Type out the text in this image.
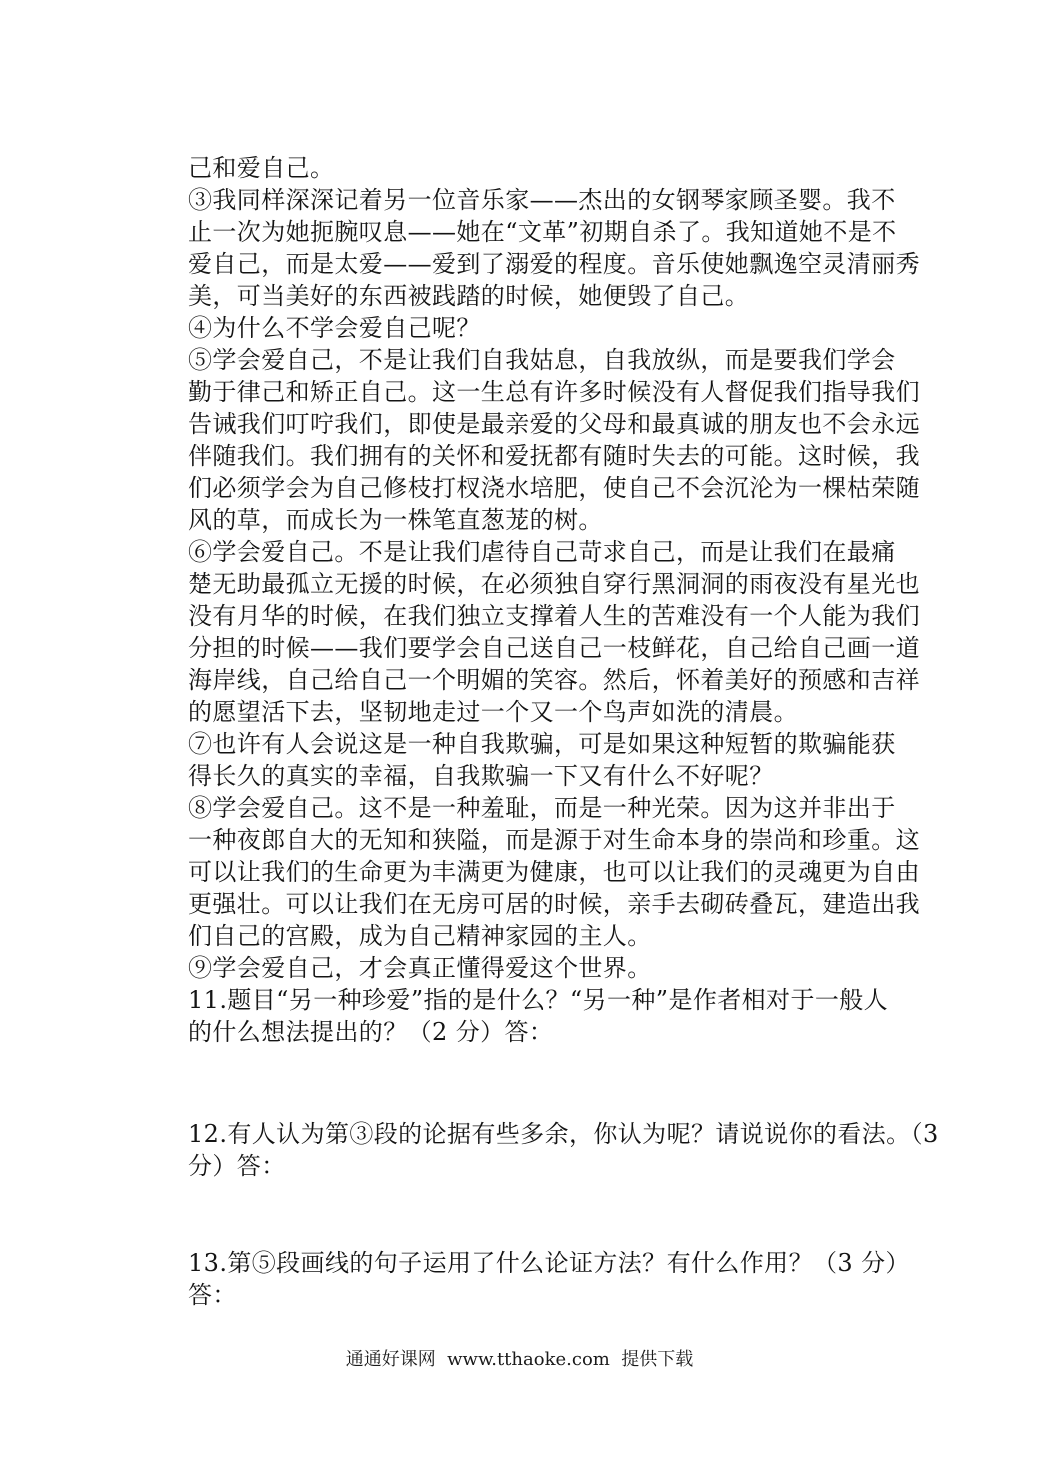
己和爱自己。
③我同样深深记着另一位音乐家——杰出的女钢琴家顾圣婴。我不
止一次为她扼腕叹息——她在“文革”初期自杀了。我知道她不是不
爱自己，而是太爱——爱到了溺爱的程度。音乐使她飘逸空灵清丽秀
美，可当美好的东西被践踏的时候，她便毁了自己。
④为什么不学会爱自己呢？
⑤学会爱自己，不是让我们自我姑息，自我放纵，而是要我们学会
勤于律己和矫正自己。这一生总有许多时候没有人督促我们指导我们
告诫我们叮咛我们，即使是最亲爱的父母和最真诚的朋友也不会永远
伴随我们。我们拥有的关怀和爱抚都有随时失去的可能。这时候，我
们必须学会为自己修枝打杈浇水培肥，使自己不会沉沦为一棵枯荣随
风的草，而成长为一株笔直葱茏的树。
⑥学会爱自己。不是让我们虐待自己苛求自己，而是让我们在最痛
楚无助最孤立无援的时候，在必须独自穿行黑洞洞的雨夜没有星光也
没有月华的时候，在我们独立支撑着人生的苦难没有一个人能为我们
分担的时候——我们要学会自己送自己一枝鲜花，自己给自己画一道
海岸线，自己给自己一个明媚的笑容。然后，怀着美好的预感和吉祥
的愿望活下去，坚韧地走过一个又一个鸟声如洗的清晨。
⑦也许有人会说这是一种自我欺骗，可是如果这种短暂的欺骗能获
得长久的真实的幸福，自我欺骗一下又有什么不好呢？
⑧学会爱自己。这不是一种羞耻，而是一种光荣。因为这并非出于
一种夜郎自大的无知和狭隘，而是源于对生命本身的崇尚和珍重。这
可以让我们的生命更为丰满更为健康，也可以让我们的灵魂更为自由
更强壮。可以让我们在无房可居的时候，亲手去砌砖叠瓦，建造出我
们自己的宫殿，成为自己精神家园的主人。
⑨学会爱自己，才会真正懂得爱这个世界。
11.题目“另一种珍爱”指的是什么？“另一种”是作者相对于一般人
的什么想法提出的？（2 分）答：
12.有人认为第③段的论据有些多余，你认为呢？请说说你的看法。（3
分）答：
13.第⑤段画线的句子运用了什么论证方法？有什么作用？（3 分）
答：
通通好课网  www.tthaoke.com  提供下载
